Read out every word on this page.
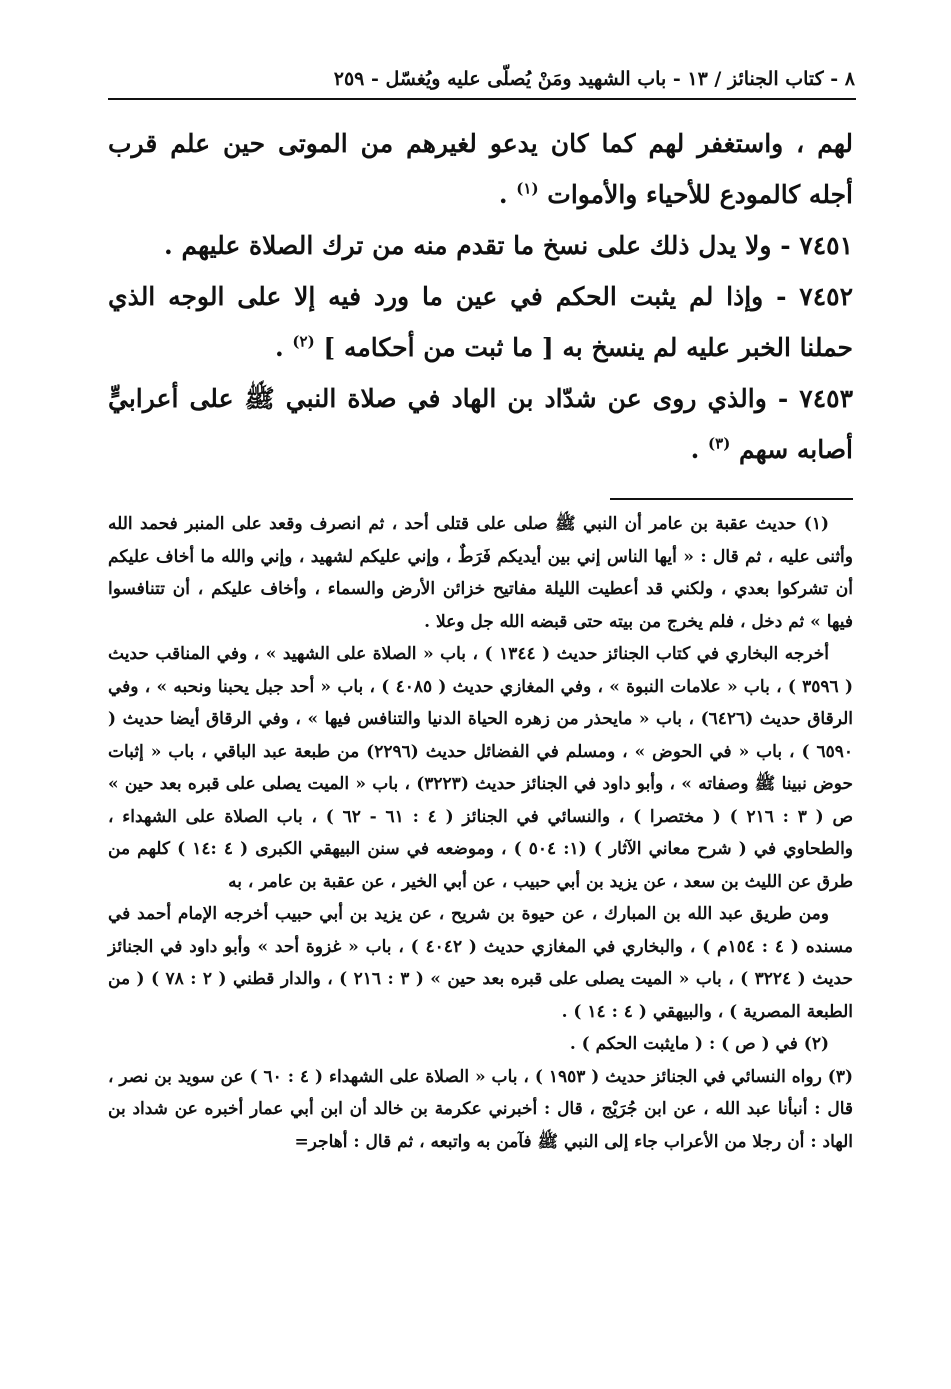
٨ - كتاب الجنائز / ١٣ - باب الشهيد ومَنْ يُصلّى عليه ويُغسّل - ٢٥٩

لهم ، واستغفر لهم كما كان يدعو لغيرهم من الموتى حين علم قرب أجله كالمودع للأحياء والأموات $^{(١)}$ .

٧٤٥١ - ولا يدل ذلك على نسخ ما تقدم منه من ترك الصلاة عليهم .

٧٤٥٢ - وإذا لم يثبت الحكم في عين ما ورد فيه إلا على الوجه الذي حملنا الخبر عليه لم ينسخ به [ ما ثبت من أحكامه ] $^{(٢)}$ .

٧٤٥٣ - والذي روى عن شدّاد بن الهاد في صلاة النبي ﷺ على أعرابيٍّ أصابه سهم $^{(٣)}$ .

(١) حديث عقبة بن عامر أن النبي ﷺ صلى على قتلى أحد ، ثم انصرف وقعد على المنبر فحمد الله وأثنى عليه ، ثم قال : « أيها الناس إني بين أيديكم فَرَطٌ ، وإني عليكم لشهيد ، وإني والله ما أخاف عليكم أن تشركوا بعدي ، ولكني قد أعطيت الليلة مفاتيح خزائن الأرض والسماء ، وأخاف عليكم ، أن تتنافسوا فيها » ثم دخل ، فلم يخرج من بيته حتى قبضه الله جل وعلا .

أخرجه البخاري في كتاب الجنائز حديث ( ١٣٤٤ ) ، باب « الصلاة على الشهيد » ، وفي المناقب حديث ( ٣٥٩٦ ) ، باب « علامات النبوة » ، وفي المغازي حديث ( ٤٠٨٥ ) ، باب « أحد جبل يحبنا ونحبه » ، وفي الرقاق حديث (٦٤٢٦) ، باب « مايحذر من زهره الحياة الدنيا والتنافس فيها » ، وفي الرقاق أيضا حديث ( ٦٥٩٠ ) ، باب « في الحوض » ، ومسلم في الفضائل حديث (٢٢٩٦) من طبعة عبد الباقي ، باب « إثبات حوض نبينا ﷺ وصفاته » ، وأبو داود في الجنائز حديث (٣٢٢٣) ، باب « الميت يصلى على قبره بعد حين » ص ( ٣ : ٢١٦ ) ( مختصرا ) ، والنسائي في الجنائز ( ٤ : ٦١ - ٦٢ ) ، باب الصلاة على الشهداء ، والطحاوي في ( شرح معاني الآثار ) (١: ٥٠٤ ) ، وموضعه في سنن البيهقي الكبرى ( ٤ :١٤ ) كلهم من طرق عن الليث بن سعد ، عن يزيد بن أبي حبيب ، عن أبي الخير ، عن عقبة بن عامر ، به

ومن طريق عبد الله بن المبارك ، عن حيوة بن شريح ، عن يزيد بن أبي حبيب أخرجه الإمام أحمد في مسنده ( ٤ : ١٥٤م ) ، والبخاري في المغازي حديث ( ٤٠٤٢ ) ، باب « غزوة أحد » وأبو داود في الجنائز حديث ( ٣٢٢٤ ) ، باب « الميت يصلى على قبره بعد حين » ( ٣ : ٢١٦ ) ، والدار قطني ( ٢ : ٧٨ ) ( من الطبعة المصرية ) ، والبيهقي ( ٤ : ١٤ ) .

(٢) في ( ص ) : ( مايثبت الحكم ) .

(٣) رواه النسائي في الجنائز حديث ( ١٩٥٣ ) ، باب « الصلاة على الشهداء ( ٤ : ٦٠ ) عن سويد بن نصر ، قال : أنبأنا عبد الله ، عن ابن جُرَيْج ، قال : أخبرني عكرمة بن خالد أن ابن أبي عمار أخبره عن شداد بن الهاد : أن رجلا من الأعراب جاء إلى النبي ﷺ فآمن به واتبعه ، ثم قال : أهاجر=
